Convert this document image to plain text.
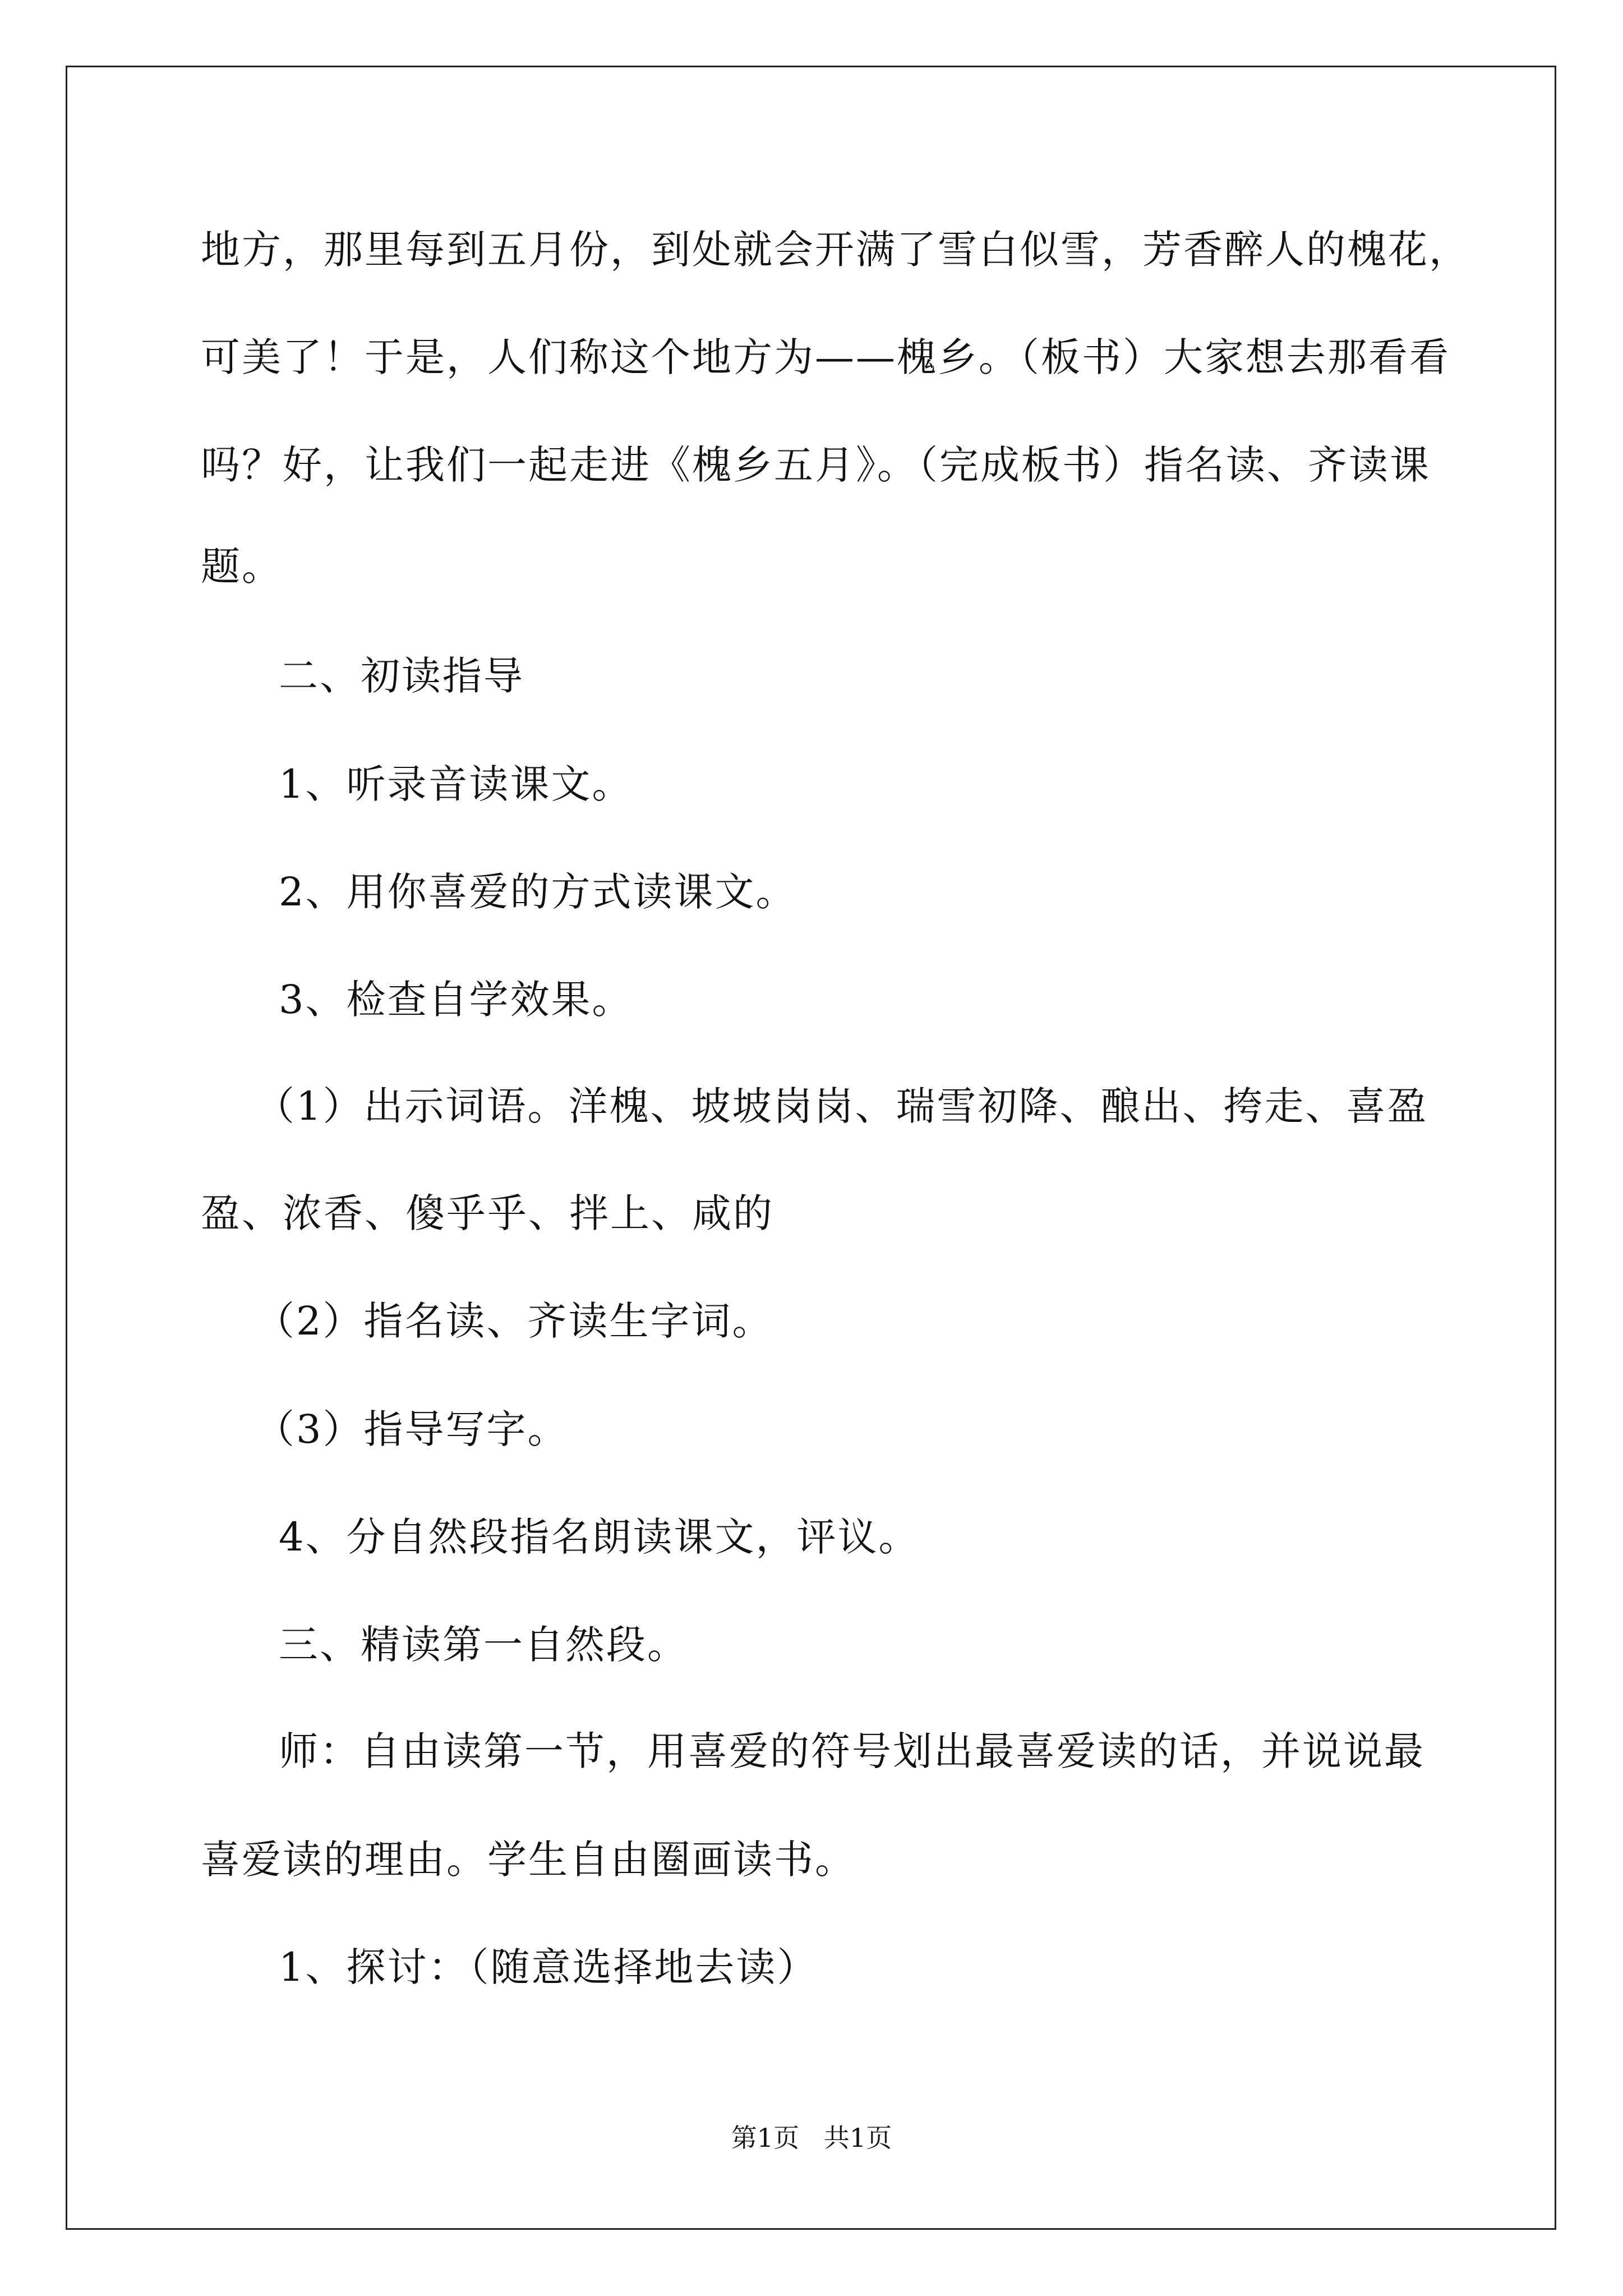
地方，那里每到五月份，到处就会开满了雪白似雪，芳香醉人的槐花，
可美了！于是，人们称这个地方为——槐乡。（板书）大家想去那看看
吗？好，让我们一起走进《槐乡五月》。（完成板书）指名读、齐读课
题。
二、初读指导
1、听录音读课文。
2、用你喜爱的方式读课文。
3、检查自学效果。
（1）出示词语。洋槐、坡坡岗岗、瑞雪初降、酿出、挎走、喜盈
盈、浓香、傻乎乎、拌上、咸的
（2）指名读、齐读生字词。
（3）指导写字。
4、分自然段指名朗读课文，评议。
三、精读第一自然段。
师：自由读第一节，用喜爱的符号划出最喜爱读的话，并说说最
喜爱读的理由。学生自由圈画读书。
1、探讨：（随意选择地去读）
第1页   共1页
